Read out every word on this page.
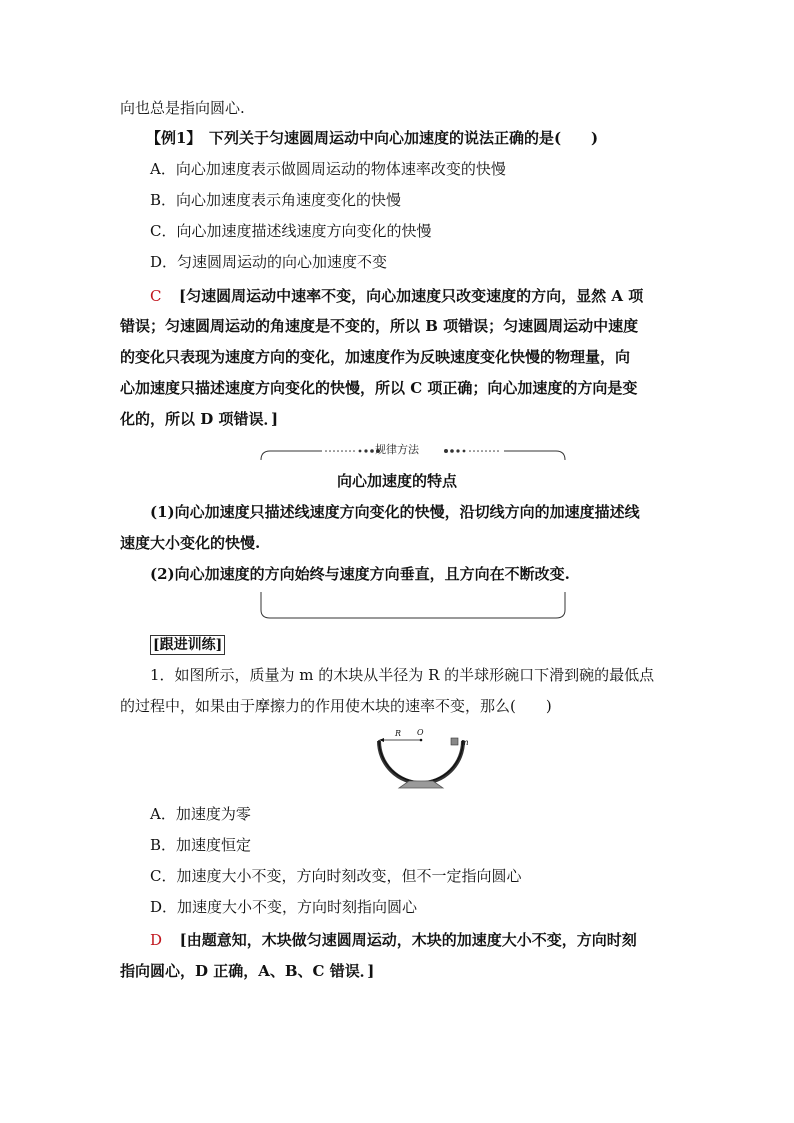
向也总是指向圆心.
【例1】　下列关于匀速圆周运动中向心加速度的说法正确的是(　　)
A．向心加速度表示做圆周运动的物体速率改变的快慢
B．向心加速度表示角速度变化的快慢
C．向心加速度描述线速度方向变化的快慢
D．匀速圆周运动的向心加速度不变
C [匀速圆周运动中速率不变，向心加速度只改变速度的方向，显然 A 项
错误；匀速圆周运动的角速度是不变的，所以 B 项错误；匀速圆周运动中速度
的变化只表现为速度方向的变化，加速度作为反映速度变化快慢的物理量，向
心加速度只描述速度方向变化的快慢，所以 C 项正确；向心加速度的方向是变
化的，所以 D 项错误．]
规律方法
向心加速度的特点
(1)向心加速度只描述线速度方向变化的快慢，沿切线方向的加速度描述线
速度大小变化的快慢.
(2)向心加速度的方向始终与速度方向垂直，且方向在不断改变.
[跟进训练]
1．如图所示，质量为 m 的木块从半径为 R 的半球形碗口下滑到碗的最低点
的过程中，如果由于摩擦力的作用使木块的速率不变，那么(　　)
R O
m
A．加速度为零
B．加速度恒定
C．加速度大小不变，方向时刻改变，但不一定指向圆心
D．加速度大小不变，方向时刻指向圆心
D [由题意知，木块做匀速圆周运动，木块的加速度大小不变，方向时刻
指向圆心，D 正确，A、B、C 错误．]
